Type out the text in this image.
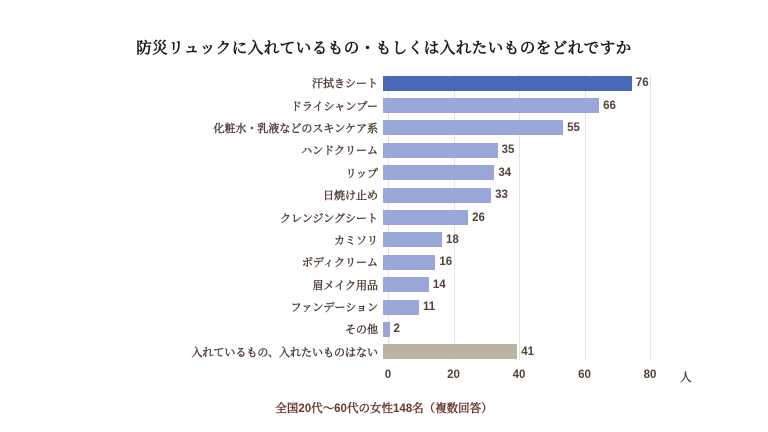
防災リュックに入れているもの・もしくは入れたいものをどれですか
汗拭きシート	76
ドライシャンプー	66
化粧水・乳液などのスキンケア系	55
ハンドクリーム	35
リップ	34
日焼け止め	33
クレンジングシート	26
カミソリ	18
ボディクリーム	16
眉メイク用品	14
ファンデーション	11
その他	2
入れているもの、入れたいものはない	41
0	20	40	60	80 人
全国20代〜60代の女性148名（複数回答）
